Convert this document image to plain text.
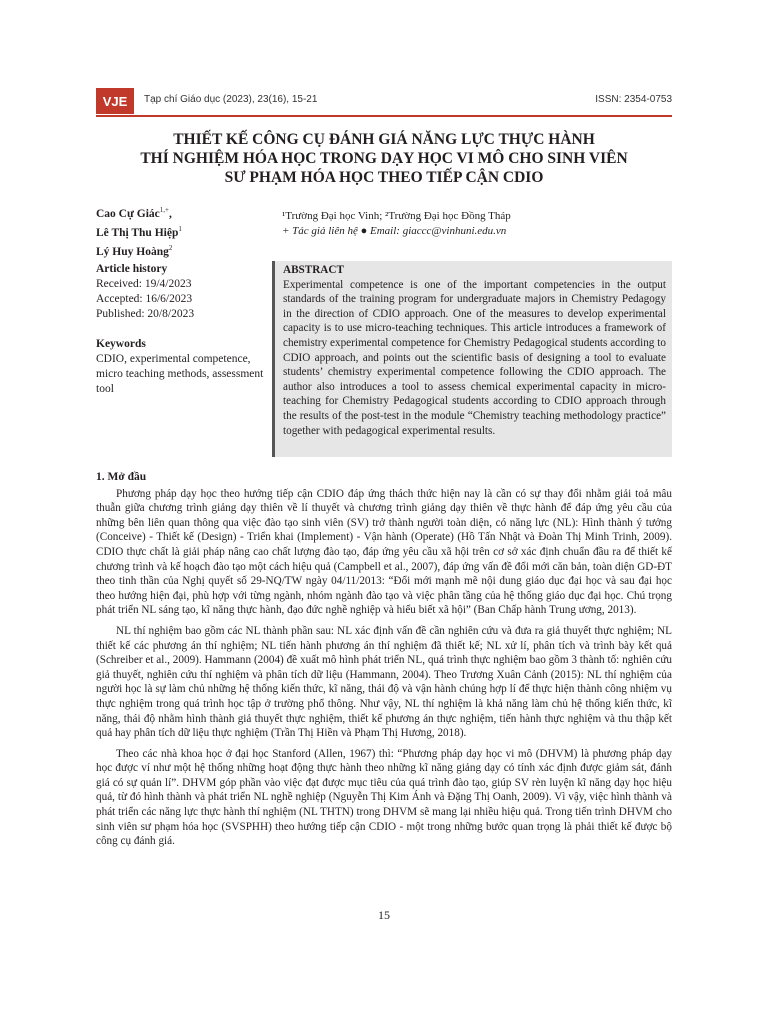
VJE	Tạp chí Giáo dục (2023), 23(16), 15-21	ISSN: 2354-0753
THIẾT KẾ CÔNG CỤ ĐÁNH GIÁ NĂNG LỰC THỰC HÀNH
THÍ NGHIỆM HÓA HỌC TRONG DẠY HỌC VI MÔ CHO SINH VIÊN
SƯ PHẠM HÓA HỌC THEO TIẾP CẬN CDIO
Cao Cự Giác$^{1,+}$,
Lê Thị Thu Hiệp$^1$
Lý Huy Hoàng$^2$
¹Trường Đại học Vinh; ²Trường Đại học Đồng Tháp
+ Tác giả liên hệ ● Email: giaccc@vinhuni.edu.vn
Article history
Received: 19/4/2023
Accepted: 16/6/2023
Published: 20/8/2023
Keywords
CDIO, experimental competence, micro teaching methods, assessment tool
ABSTRACT
Experimental competence is one of the important competencies in the output standards of the training program for undergraduate majors in Chemistry Pedagogy in the direction of CDIO approach. One of the measures to develop experimental capacity is to use micro-teaching techniques. This article introduces a framework of chemistry experimental competence for Chemistry Pedagogical students according to CDIO approach, and points out the scientific basis of designing a tool to evaluate students’ chemistry experimental competence following the CDIO approach. The author also introduces a tool to assess chemical experimental capacity in micro-teaching for Chemistry Pedagogical students according to CDIO approach through the results of the post-test in the module “Chemistry teaching methodology practice” together with pedagogical experimental results.
1. Mở đầu

Phương pháp dạy học theo hướng tiếp cận CDIO đáp ứng thách thức hiện nay là cần có sự thay đổi nhằm giải toả mâu thuẫn giữa chương trình giảng dạy thiên về lí thuyết và chương trình giảng dạy thiên về thực hành để đáp ứng yêu cầu của những bên liên quan thông qua việc đào tạo sinh viên (SV) trở thành người toàn diện, có năng lực (NL): Hình thành ý tưởng (Conceive) - Thiết kế (Design) - Triển khai (Implement) - Vận hành (Operate) (Hồ Tấn Nhật và Đoàn Thị Minh Trinh, 2009). CDIO thực chất là giải pháp nâng cao chất lượng đào tạo, đáp ứng yêu cầu xã hội trên cơ sở xác định chuẩn đầu ra để thiết kế chương trình và kế hoạch đào tạo một cách hiệu quả (Campbell et al., 2007), đáp ứng vấn đề đổi mới căn bản, toàn diện GD-ĐT theo tinh thần của Nghị quyết số 29-NQ/TW ngày 04/11/2013: “Đổi mới mạnh mẽ nội dung giáo dục đại học và sau đại học theo hướng hiện đại, phù hợp với từng ngành, nhóm ngành đào tạo và việc phân tầng của hệ thống giáo dục đại học. Chú trọng phát triển NL sáng tạo, kĩ năng thực hành, đạo đức nghề nghiệp và hiểu biết xã hội” (Ban Chấp hành Trung ương, 2013).

NL thí nghiệm bao gồm các NL thành phần sau: NL xác định vấn đề cần nghiên cứu và đưa ra giả thuyết thực nghiệm; NL thiết kế các phương án thí nghiệm; NL tiến hành phương án thí nghiệm đã thiết kế; NL xử lí, phân tích và trình bày kết quả (Schreiber et al., 2009). Hammann (2004) đề xuất mô hình phát triển NL, quá trình thực nghiệm bao gồm 3 thành tố: nghiên cứu giả thuyết, nghiên cứu thí nghiệm và phân tích dữ liệu (Hammann, 2004). Theo Trương Xuân Cảnh (2015): NL thí nghiệm của người học là sự làm chủ những hệ thống kiến thức, kĩ năng, thái độ và vận hành chúng hợp lí để thực hiện thành công nhiệm vụ thực nghiệm trong quá trình học tập ở trường phổ thông. Như vậy, NL thí nghiệm là khả năng làm chủ hệ thống kiến thức, kĩ năng, thái độ nhằm hình thành giả thuyết thực nghiệm, thiết kế phương án thực nghiệm, tiến hành thực nghiệm và thu thập kết quả hay phân tích dữ liệu thực nghiệm (Trần Thị Hiền và Phạm Thị Hương, 2018).

Theo các nhà khoa học ở đại học Stanford (Allen, 1967) thì: “Phương pháp dạy học vi mô (DHVM) là phương pháp dạy học được ví như một hệ thống những hoạt động thực hành theo những kĩ năng giảng dạy có tính xác định được giảm sát, đánh giá có sự quản lí”. DHVM góp phần vào việc đạt được mục tiêu của quá trình đào tạo, giúp SV rèn luyện kĩ năng dạy học hiệu quả, từ đó hình thành và phát triển NL nghề nghiệp (Nguyễn Thị Kim Ánh và Đặng Thị Oanh, 2009). Vì vậy, việc hình thành và phát triển các năng lực thực hành thí nghiệm (NL THTN) trong DHVM sẽ mang lại nhiều hiệu quả. Trong tiến trình DHVM cho sinh viên sư phạm hóa học (SVSPHH) theo hướng tiếp cận CDIO - một trong những bước quan trọng là phải thiết kế được bộ công cụ đánh giá.

15
